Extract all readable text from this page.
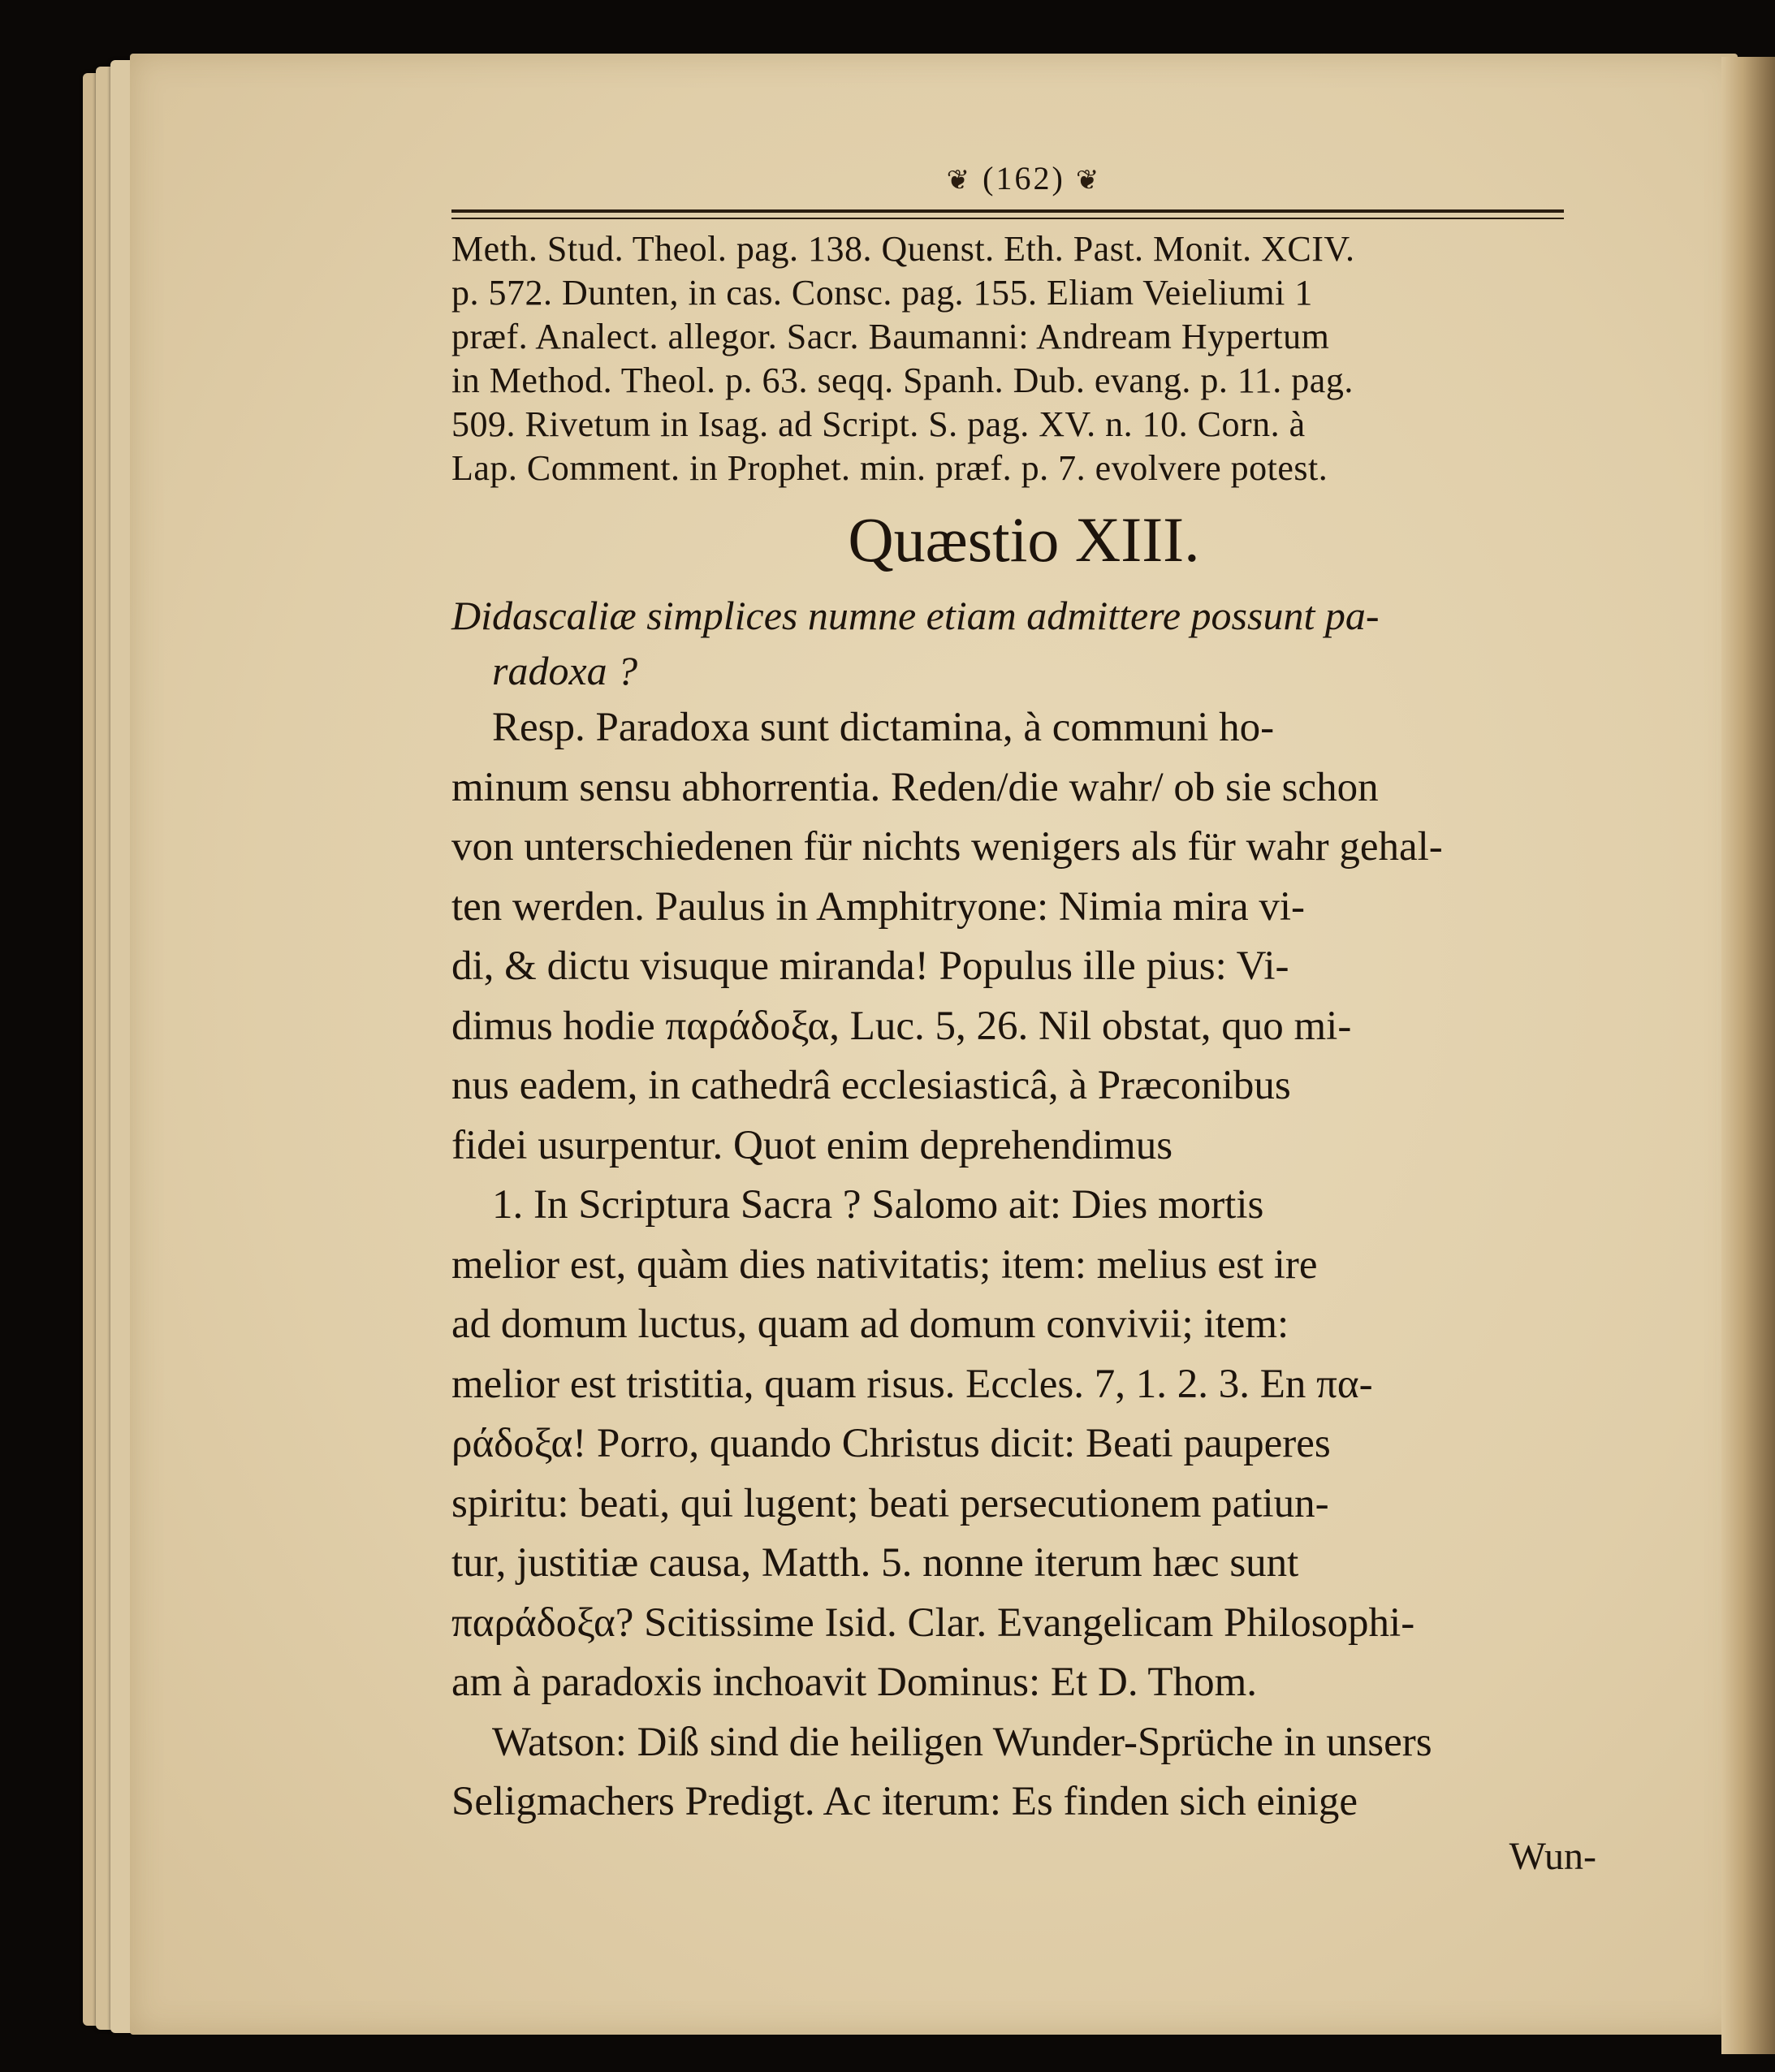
❦ (162) ❦
Meth. Stud. Theol. pag. 138. Quenst. Eth. Past. Monit. XCIV.
p. 572. Dunten, in cas. Consc. pag. 155. Eliam Veieliumi 1
præf. Analect. allegor. Sacr. Baumanni: Andream Hypertum
in Method. Theol. p. 63. seqq. Spanh. Dub. evang. p. 11. pag.
509. Rivetum in Isag. ad Script. S. pag. XV. n. 10. Corn. à
Lap. Comment. in Prophet. min. præf. p. 7. evolvere potest.
Quæstio XIII.
Didascaliæ simplices numne etiam admittere possunt pa-
radoxa ?
Resp. Paradoxa sunt dictamina, à communi ho-
minum sensu abhorrentia. Reden/die wahr/ ob sie schon
von unterschiedenen für nichts wenigers als für wahr gehal-
ten werden. Paulus in Amphitryone: Nimia mira vi-
di, & dictu visuque miranda! Populus ille pius: Vi-
dimus hodie παράδοξα, Luc. 5, 26. Nil obstat, quo mi-
nus eadem, in cathedrâ ecclesiasticâ, à Præconibus
fidei usurpentur. Quot enim deprehendimus
1. In Scriptura Sacra ? Salomo ait: Dies mortis
melior est, quàm dies nativitatis; item: melius est ire
ad domum luctus, quam ad domum convivii; item:
melior est tristitia, quam risus. Eccles. 7, 1. 2. 3. En πα-
ράδοξα! Porro, quando Christus dicit: Beati pauperes
spiritu: beati, qui lugent; beati persecutionem patiun-
tur, justitiæ causa, Matth. 5. nonne iterum hæc sunt
παράδοξα? Scitissime Isid. Clar. Evangelicam Philosophi-
am à paradoxis inchoavit Dominus: Et D. Thom.
Watson: Diß sind die heiligen Wunder-Sprüche in unsers
Seligmachers Predigt. Ac iterum: Es finden sich einige
Wun-
